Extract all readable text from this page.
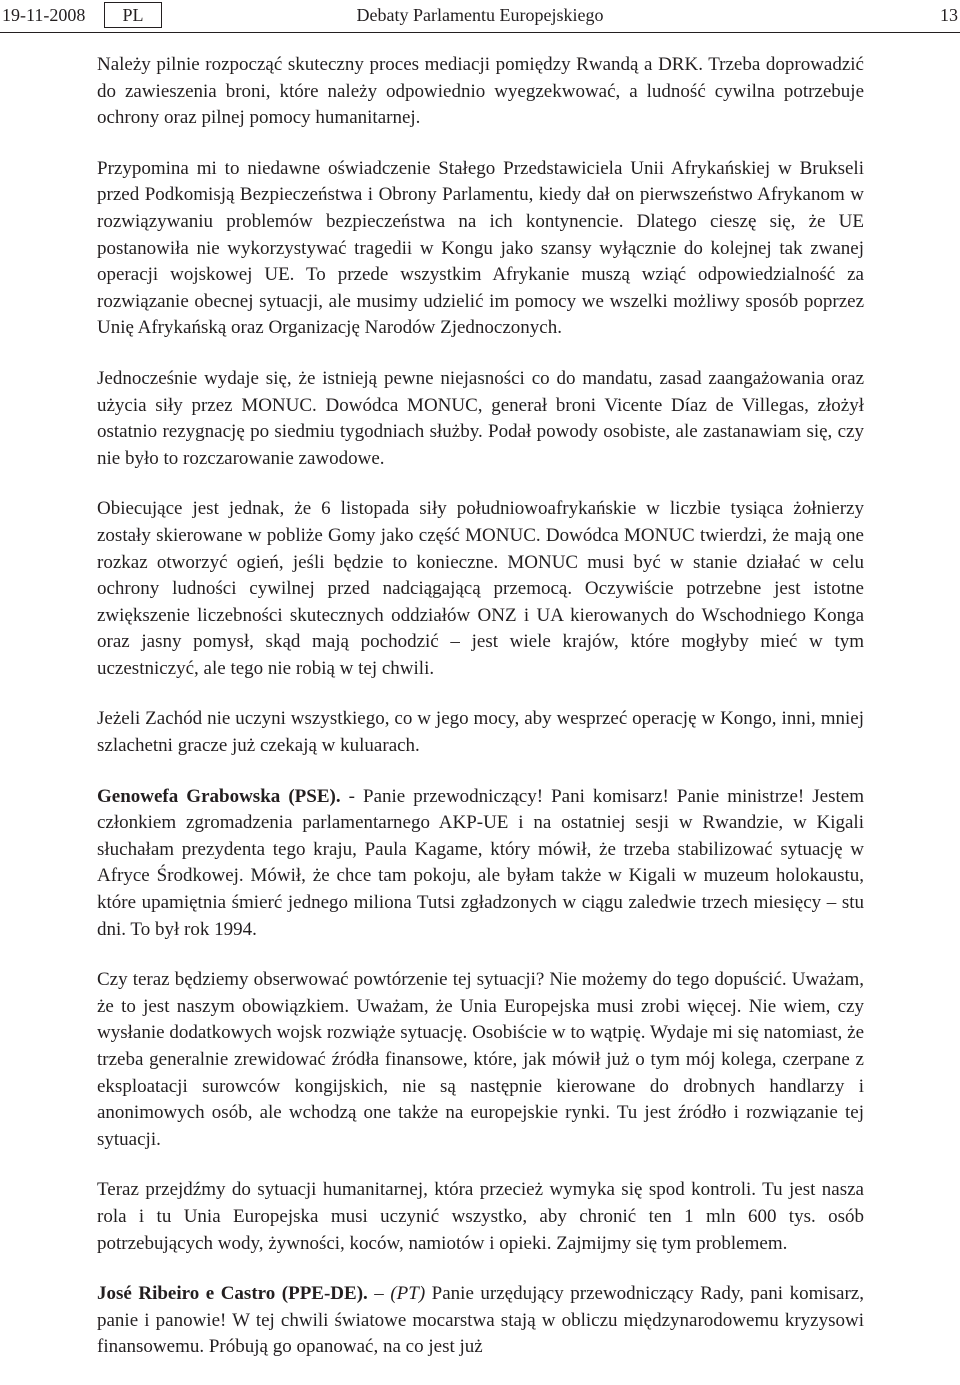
19-11-2008	PL	Debaty Parlamentu Europejskiego	13

Należy pilnie rozpocząć skuteczny proces mediacji pomiędzy Rwandą a DRK. Trzeba doprowadzić do zawieszenia broni, które należy odpowiednio wyegzekwować, a ludność cywilna potrzebuje ochrony oraz pilnej pomocy humanitarnej.

Przypomina mi to niedawne oświadczenie Stałego Przedstawiciela Unii Afrykańskiej w Brukseli przed Podkomisją Bezpieczeństwa i Obrony Parlamentu, kiedy dał on pierwszeństwo Afrykanom w rozwiązywaniu problemów bezpieczeństwa na ich kontynencie. Dlatego cieszę się, że UE postanowiła nie wykorzystywać tragedii w Kongu jako szansy wyłącznie do kolejnej tak zwanej operacji wojskowej UE. To przede wszystkim Afrykanie muszą wziąć odpowiedzialność za rozwiązanie obecnej sytuacji, ale musimy udzielić im pomocy we wszelki możliwy sposób poprzez Unię Afrykańską oraz Organizację Narodów Zjednoczonych.

Jednocześnie wydaje się, że istnieją pewne niejasności co do mandatu, zasad zaangażowania oraz użycia siły przez MONUC. Dowódca MONUC, generał broni Vicente Díaz de Villegas, złożył ostatnio rezygnację po siedmiu tygodniach służby. Podał powody osobiste, ale zastanawiam się, czy nie było to rozczarowanie zawodowe.

Obiecujące jest jednak, że 6 listopada siły południowoafrykańskie w liczbie tysiąca żołnierzy zostały skierowane w pobliże Gomy jako część MONUC. Dowódca MONUC twierdzi, że mają one rozkaz otworzyć ogień, jeśli będzie to konieczne. MONUC musi być w stanie działać w celu ochrony ludności cywilnej przed nadciągającą przemocą. Oczywiście potrzebne jest istotne zwiększenie liczebności skutecznych oddziałów ONZ i UA kierowanych do Wschodniego Konga oraz jasny pomysł, skąd mają pochodzić – jest wiele krajów, które mogłyby mieć w tym uczestniczyć, ale tego nie robią w tej chwili.

Jeżeli Zachód nie uczyni wszystkiego, co w jego mocy, aby wesprzeć operację w Kongo, inni, mniej szlachetni gracze już czekają w kuluarach.

Genowefa Grabowska (PSE). - Panie przewodniczący! Pani komisarz! Panie ministrze! Jestem członkiem zgromadzenia parlamentarnego AKP-UE i na ostatniej sesji w Rwandzie, w Kigali słuchałam prezydenta tego kraju, Paula Kagame, który mówił, że trzeba stabilizować sytuację w Afryce Środkowej. Mówił, że chce tam pokoju, ale byłam także w Kigali w muzeum holokaustu, które upamiętnia śmierć jednego miliona Tutsi zgładzonych w ciągu zaledwie trzech miesięcy – stu dni. To był rok 1994.

Czy teraz będziemy obserwować powtórzenie tej sytuacji? Nie możemy do tego dopuścić. Uważam, że to jest naszym obowiązkiem. Uważam, że Unia Europejska musi zrobi więcej. Nie wiem, czy wysłanie dodatkowych wojsk rozwiąże sytuację. Osobiście w to wątpię. Wydaje mi się natomiast, że trzeba generalnie zrewidować źródła finansowe, które, jak mówił już o tym mój kolega, czerpane z eksploatacji surowców kongijskich, nie są następnie kierowane do drobnych handlarzy i anonimowych osób, ale wchodzą one także na europejskie rynki. Tu jest źródło i rozwiązanie tej sytuacji.

Teraz przejdźmy do sytuacji humanitarnej, która przecież wymyka się spod kontroli. Tu jest nasza rola i tu Unia Europejska musi uczynić wszystko, aby chronić ten 1 mln 600 tys. osób potrzebujących wody, żywności, koców, namiotów i opieki. Zajmijmy się tym problemem.

José Ribeiro e Castro (PPE-DE). – (PT) Panie urzędujący przewodniczący Rady, pani komisarz, panie i panowie! W tej chwili światowe mocarstwa stają w obliczu międzynarodowemu kryzysowi finansowemu. Próbują go opanować, na co jest już
